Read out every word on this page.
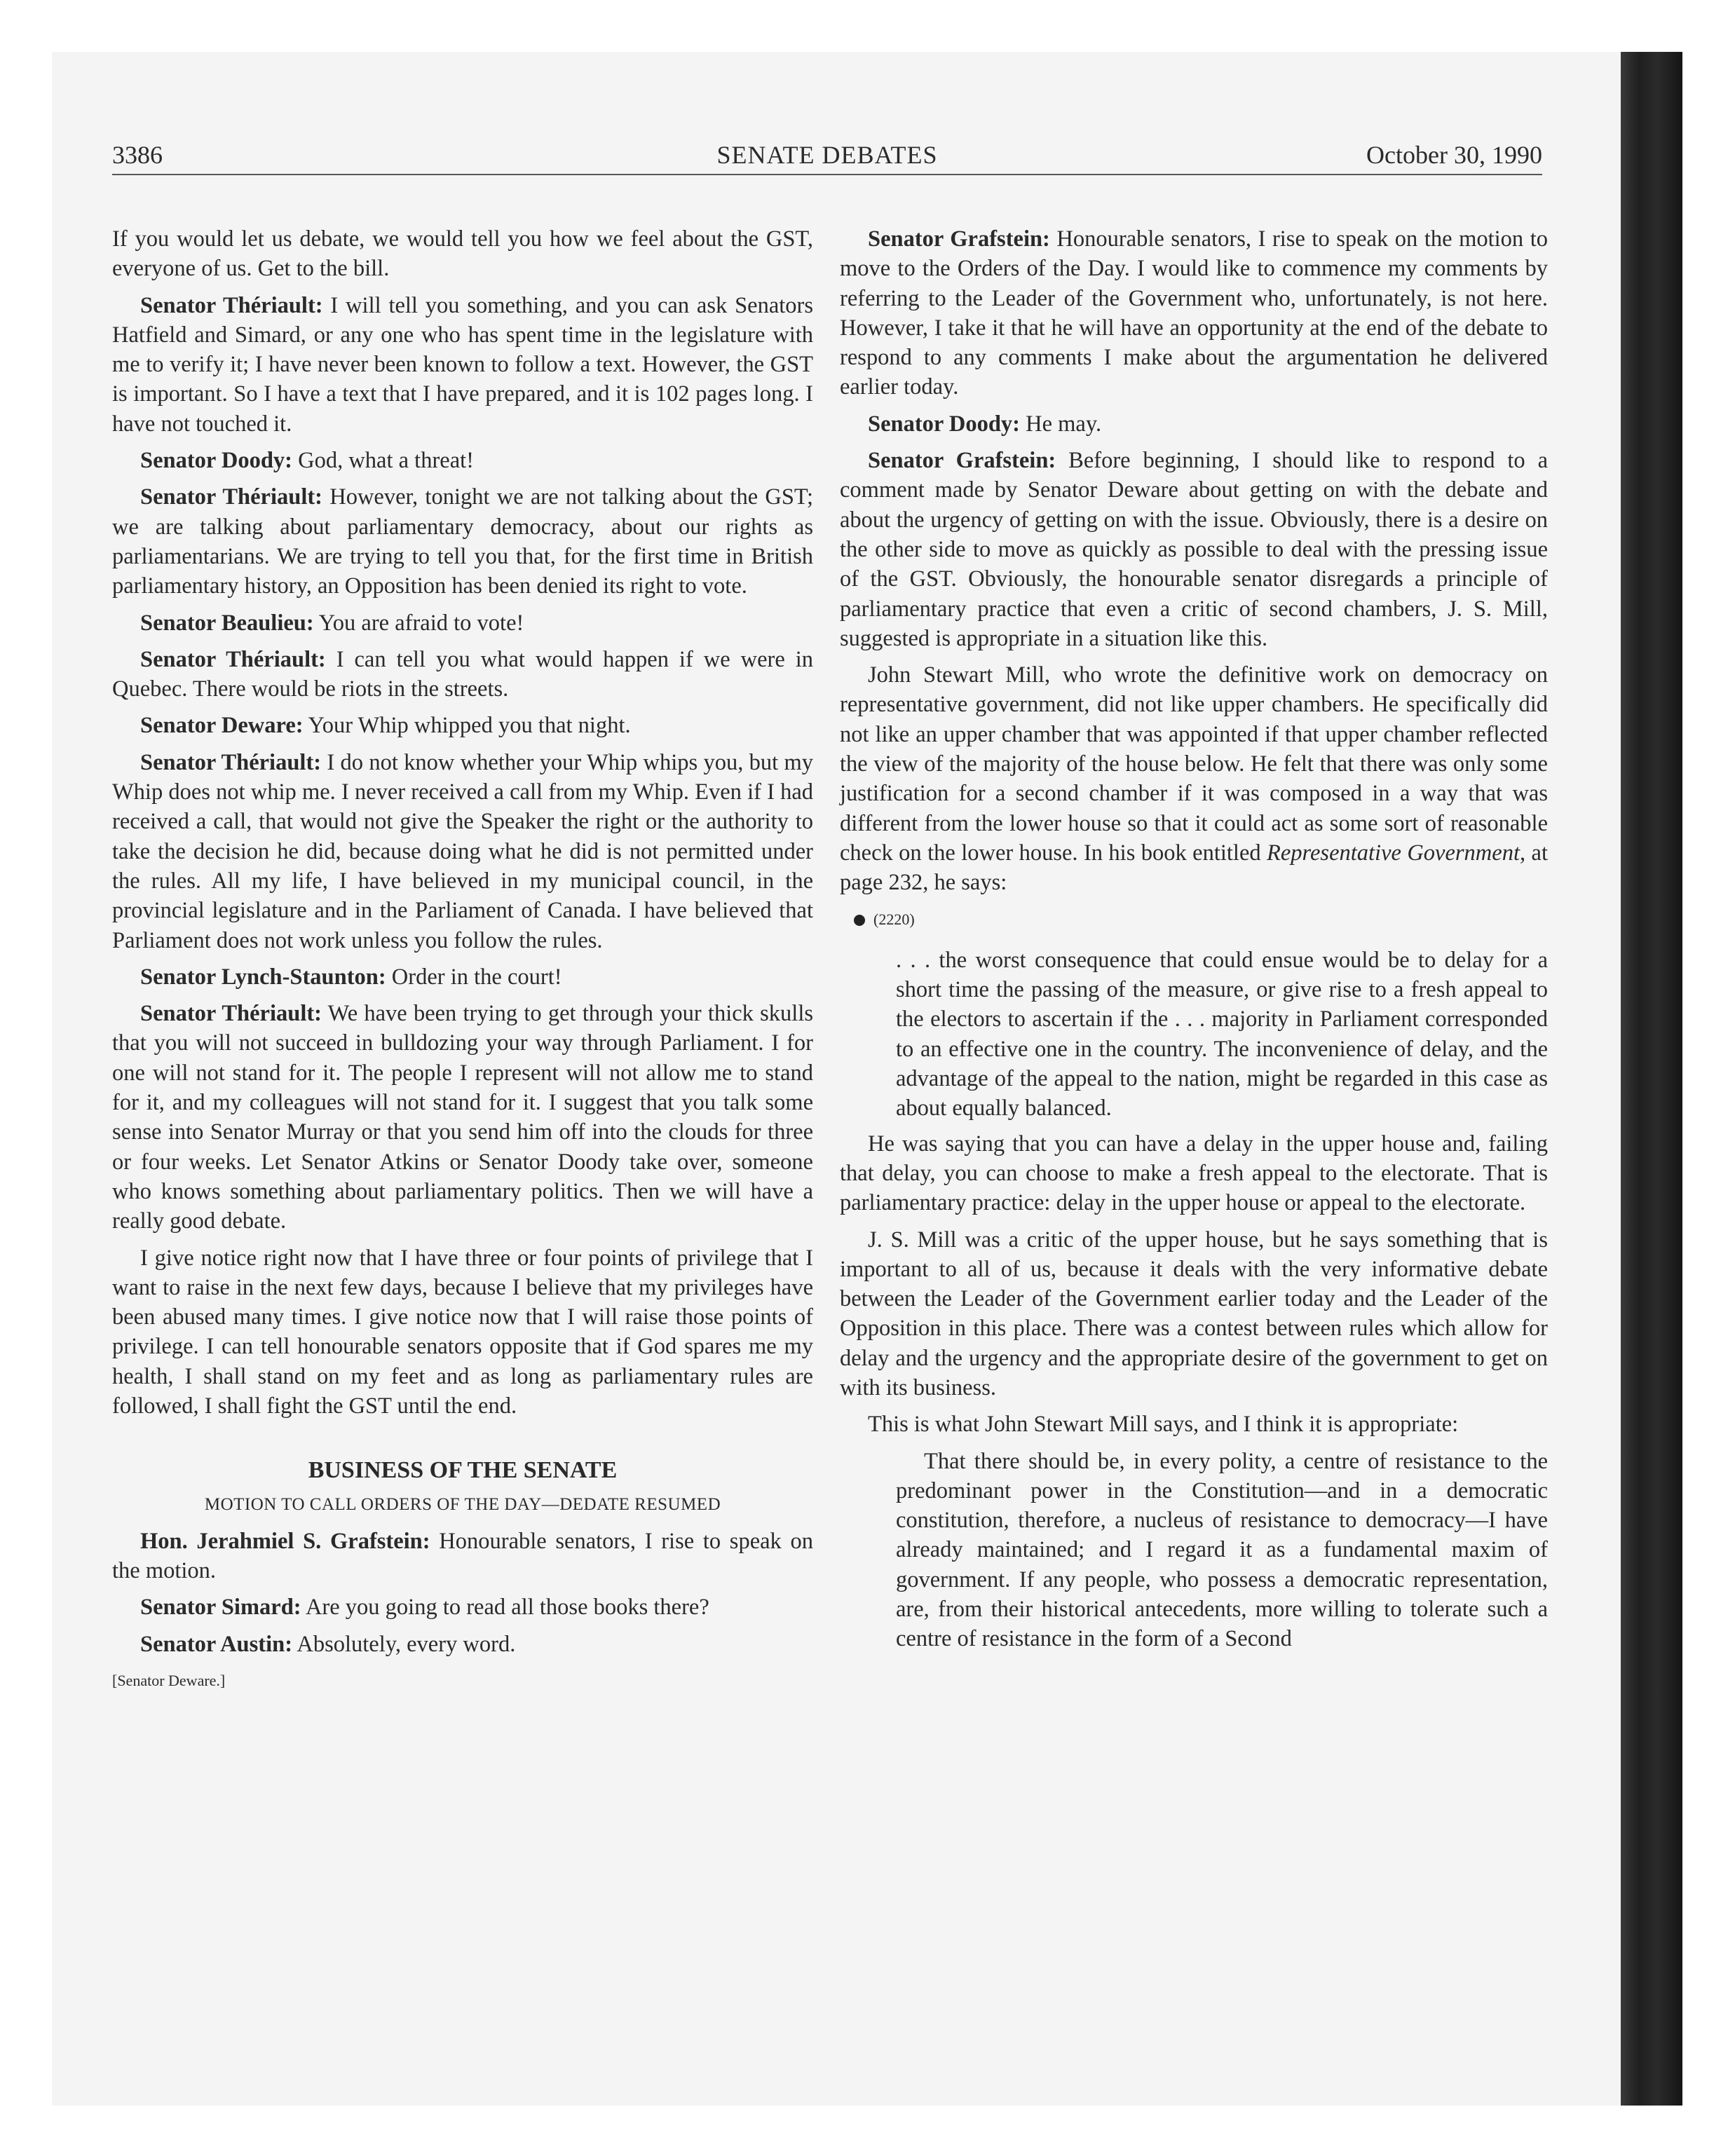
SENATE DEBATES
3386	October 30, 1990

If you would let us debate, we would tell you how we feel about the GST, everyone of us. Get to the bill.

Senator Thériault: I will tell you something, and you can ask Senators Hatfield and Simard, or any one who has spent time in the legislature with me to verify it; I have never been known to follow a text. However, the GST is important. So I have a text that I have prepared, and it is 102 pages long. I have not touched it.

Senator Doody: God, what a threat!

Senator Thériault: However, tonight we are not talking about the GST; we are talking about parliamentary democracy, about our rights as parliamentarians. We are trying to tell you that, for the first time in British parliamentary history, an Opposition has been denied its right to vote.

Senator Beaulieu: You are afraid to vote!

Senator Thériault: I can tell you what would happen if we were in Quebec. There would be riots in the streets.

Senator Deware: Your Whip whipped you that night.

Senator Thériault: I do not know whether your Whip whips you, but my Whip does not whip me. I never received a call from my Whip. Even if I had received a call, that would not give the Speaker the right or the authority to take the decision he did, because doing what he did is not permitted under the rules. All my life, I have believed in my municipal council, in the provincial legislature and in the Parliament of Canada. I have believed that Parliament does not work unless you follow the rules.

Senator Lynch-Staunton: Order in the court!

Senator Thériault: We have been trying to get through your thick skulls that you will not succeed in bulldozing your way through Parliament. I for one will not stand for it. The people I represent will not allow me to stand for it, and my colleagues will not stand for it. I suggest that you talk some sense into Senator Murray or that you send him off into the clouds for three or four weeks. Let Senator Atkins or Senator Doody take over, someone who knows something about parliamentary politics. Then we will have a really good debate.

I give notice right now that I have three or four points of privilege that I want to raise in the next few days, because I believe that my privileges have been abused many times. I give notice now that I will raise those points of privilege. I can tell honourable senators opposite that if God spares me my health, I shall stand on my feet and as long as parliamentary rules are followed, I shall fight the GST until the end.

BUSINESS OF THE SENATE
MOTION TO CALL ORDERS OF THE DAY—DEDATE RESUMED

Hon. Jerahmiel S. Grafstein: Honourable senators, I rise to speak on the motion.

Senator Simard: Are you going to read all those books there?

Senator Austin: Absolutely, every word.

[Senator Deware.]

Senator Grafstein: Honourable senators, I rise to speak on the motion to move to the Orders of the Day. I would like to commence my comments by referring to the Leader of the Government who, unfortunately, is not here. However, I take it that he will have an opportunity at the end of the debate to respond to any comments I make about the argumentation he delivered earlier today.

Senator Doody: He may.

Senator Grafstein: Before beginning, I should like to respond to a comment made by Senator Deware about getting on with the debate and about the urgency of getting on with the issue. Obviously, there is a desire on the other side to move as quickly as possible to deal with the pressing issue of the GST. Obviously, the honourable senator disregards a principle of parliamentary practice that even a critic of second chambers, J. S. Mill, suggested is appropriate in a situation like this.

John Stewart Mill, who wrote the definitive work on democracy on representative government, did not like upper chambers. He specifically did not like an upper chamber that was appointed if that upper chamber reflected the view of the majority of the house below. He felt that there was only some justification for a second chamber if it was composed in a way that was different from the lower house so that it could act as some sort of reasonable check on the lower house. In his book entitled Representative Government, at page 232, he says:

(2220)

. . . the worst consequence that could ensue would be to delay for a short time the passing of the measure, or give rise to a fresh appeal to the electors to ascertain if the . . . majority in Parliament corresponded to an effective one in the country. The inconvenience of delay, and the advantage of the appeal to the nation, might be regarded in this case as about equally balanced.

He was saying that you can have a delay in the upper house and, failing that delay, you can choose to make a fresh appeal to the electorate. That is parliamentary practice: delay in the upper house or appeal to the electorate.

J. S. Mill was a critic of the upper house, but he says something that is important to all of us, because it deals with the very informative debate between the Leader of the Government earlier today and the Leader of the Opposition in this place. There was a contest between rules which allow for delay and the urgency and the appropriate desire of the government to get on with its business.

This is what John Stewart Mill says, and I think it is appropriate:

That there should be, in every polity, a centre of resistance to the predominant power in the Constitution—and in a democratic constitution, therefore, a nucleus of resistance to democracy—I have already maintained; and I regard it as a fundamental maxim of government. If any people, who possess a democratic representation, are, from their historical antecedents, more willing to tolerate such a centre of resistance in the form of a Second
